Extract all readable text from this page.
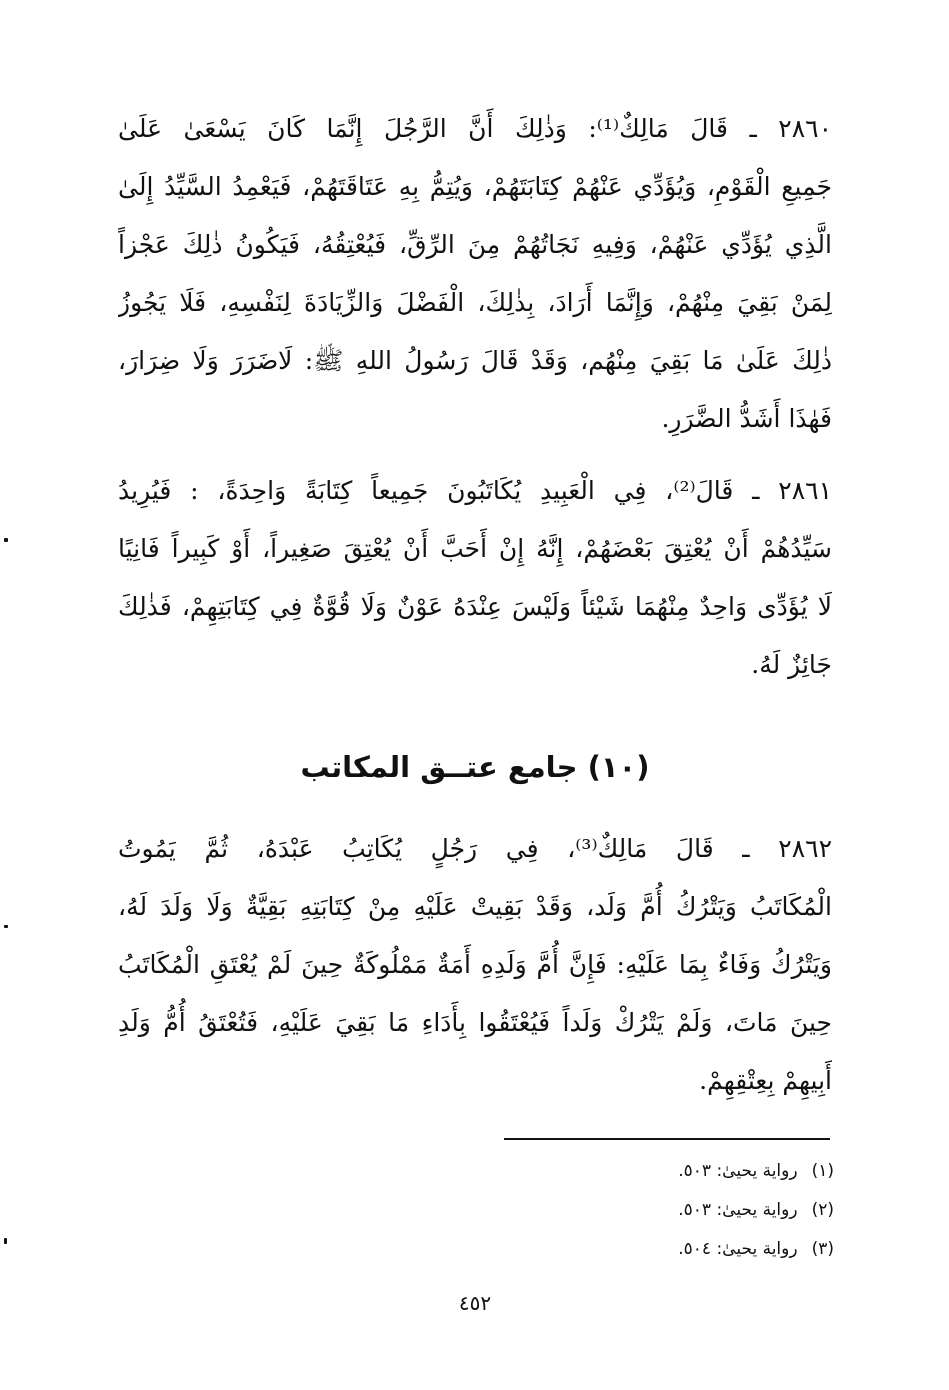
٢٨٦٠ ـ قَالَ مَالِكٌ⁽¹⁾: وَذٰلِكَ أَنَّ الرَّجُلَ إِنَّمَا كَانَ يَسْعَىٰ عَلَىٰ
جَمِيعِ الْقَوْمِ، وَيُؤَدِّي عَنْهُمْ كِتَابَتَهُمْ، وَيُتِمُّ بِهِ عَتَاقَتَهُمْ، فَيَعْمِدُ السَّيِّدُ إِلَىٰ
الَّذِي يُؤَدِّي عَنْهُمْ، وَفِيهِ نَجَاتُهُمْ مِنَ الرِّقِّ، فَيُعْتِقُهُ، فَيَكُونُ ذٰلِكَ عَجْزاً
لِمَنْ بَقِيَ مِنْهُمْ، وَإِنَّمَا أَرَادَ، بِذٰلِكَ، الْفَضْلَ وَالزِّيَادَةَ لِنَفْسِهِ، فَلَا يَجُوزُ
ذٰلِكَ عَلَىٰ مَا بَقِيَ مِنْهُم، وَقَدْ قَالَ رَسُولُ اللهِ ﷺ: لَاضَرَرَ وَلَا ضِرَارَ،
فَهٰذَا أَشَدُّ الضَّرَرِ.
٢٨٦١ ـ قَالَ⁽²⁾، فِي الْعَبِيدِ يُكَاتَبُونَ جَمِيعاً كِتَابَةً وَاحِدَةً، : فَيُرِيدُ
سَيِّدُهُمْ أَنْ يُعْتِقَ بَعْضَهُمْ، إِنَّهُ إِنْ أَحَبَّ أَنْ يُعْتِقَ صَغِيراً، أَوْ كَبِيراً فَانِيًا
لَا يُؤَدِّى وَاحِدٌ مِنْهُمَا شَيْئاً وَلَيْسَ عِنْدَهُ عَوْنٌ وَلَا قُوَّةٌ فِي كِتَابَتِهِمْ، فَذٰلِكَ
جَائِزٌ لَهُ.
(١٠) جامع عتــق المكاتب
٢٨٦٢ ـ قَالَ مَالِكٌ⁽³⁾، فِي رَجُلٍ يُكَاتِبُ عَبْدَهُ، ثُمَّ يَمُوتُ
الْمُكَاتَبُ وَيَتْرُكُ أُمَّ وَلَد، وَقَدْ بَقِيتْ عَلَيْهِ مِنْ كِتَابَتِهِ بَقِيَّةٌ وَلَا وَلَدَ لَهُ،
وَيَتْرُكُ وَفَاءٌ بِمَا عَلَيْهِ: فَإِنَّ أُمَّ وَلَدِهِ أَمَةٌ مَمْلُوكَةٌ حِينَ لَمْ يُعْتَقِ الْمُكَاتَبُ
حِينَ مَاتَ، وَلَمْ يَتْرُكْ وَلَداً فَيُعْتَقُوا بِأَدَاءِ مَا بَقِيَ عَلَيْهِ، فَتُعْتَقُ أُمُّ وَلَدِ
أَبِيهِمْ بِعِتْقِهِمْ.
(١)رواية يحيىٰ: ٥٠٣.
(٢)رواية يحيىٰ: ٥٠٣.
(٣)رواية يحيىٰ: ٥٠٤.
٤٥٢
